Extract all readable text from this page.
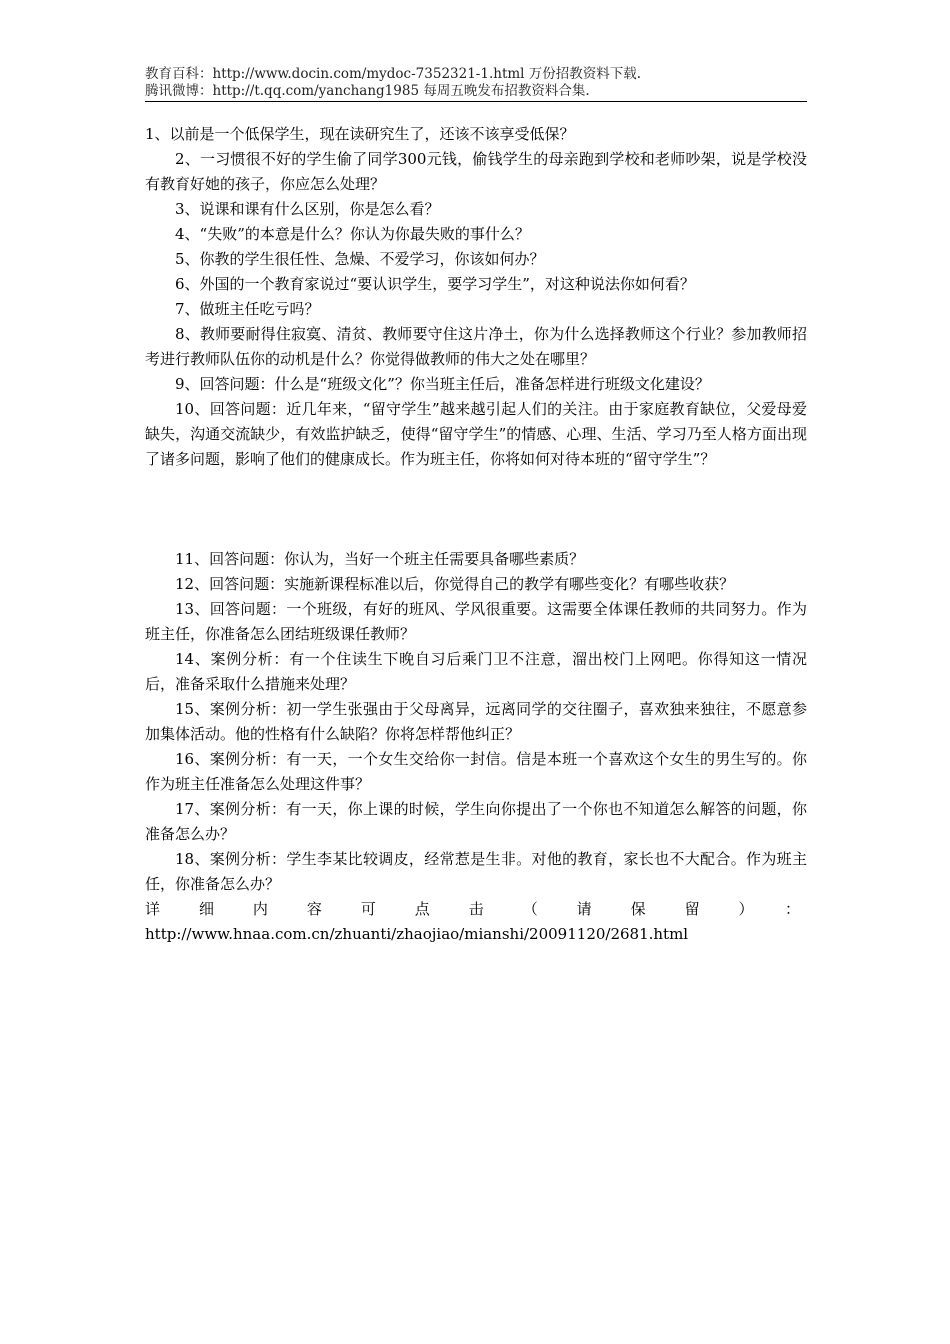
教育百科：http://www.docin.com/mydoc-7352321-1.html 万份招教资料下载.
腾讯微博：http://t.qq.com/yanchang1985 每周五晚发布招教资料合集.

1、以前是一个低保学生，现在读研究生了，还该不该享受低保？

2、一习惯很不好的学生偷了同学300元钱，偷钱学生的母亲跑到学校和老师吵架，说是学校没有教育好她的孩子，你应怎么处理？

3、说课和课有什么区别，你是怎么看？

4、“失败”的本意是什么？你认为你最失败的事什么？

5、你教的学生很任性、急燥、不爱学习，你该如何办？

6、外国的一个教育家说过“要认识学生，要学习学生”，对这种说法你如何看？

7、做班主任吃亏吗？

8、教师要耐得住寂寞、清贫、教师要守住这片净土，你为什么选择教师这个行业？参加教师招考进行教师队伍你的动机是什么？你觉得做教师的伟大之处在哪里？

9、回答问题：什么是“班级文化”？你当班主任后，准备怎样进行班级文化建设？

10、回答问题：近几年来，“留守学生”越来越引起人们的关注。由于家庭教育缺位，父爱母爱缺失，沟通交流缺少，有效监护缺乏，使得“留守学生”的情感、心理、生活、学习乃至人格方面出现了诸多问题，影响了他们的健康成长。作为班主任，你将如何对待本班的“留守学生”？

11、回答问题：你认为，当好一个班主任需要具备哪些素质？

12、回答问题：实施新课程标准以后，你觉得自己的教学有哪些变化？有哪些收获？

13、回答问题：一个班级，有好的班风、学风很重要。这需要全体课任教师的共同努力。作为班主任，你准备怎么团结班级课任教师？

14、案例分析：有一个住读生下晚自习后乘门卫不注意，溜出校门上网吧。你得知这一情况后，准备采取什么措施来处理？

15、案例分析：初一学生张强由于父母离异，远离同学的交往圈子，喜欢独来独往，不愿意参加集体活动。他的性格有什么缺陷？你将怎样帮他纠正？

16、案例分析：有一天，一个女生交给你一封信。信是本班一个喜欢这个女生的男生写的。你作为班主任准备怎么处理这件事？

17、案例分析：有一天，你上课的时候，学生向你提出了一个你也不知道怎么解答的问题，你准备怎么办？

18、案例分析：学生李某比较调皮，经常惹是生非。对他的教育，家长也不大配合。作为班主任，你准备怎么办？

详细内容可点击（请保留）：http://www.hnaa.com.cn/zhuanti/zhaojiao/mianshi/20091120/2681.html
